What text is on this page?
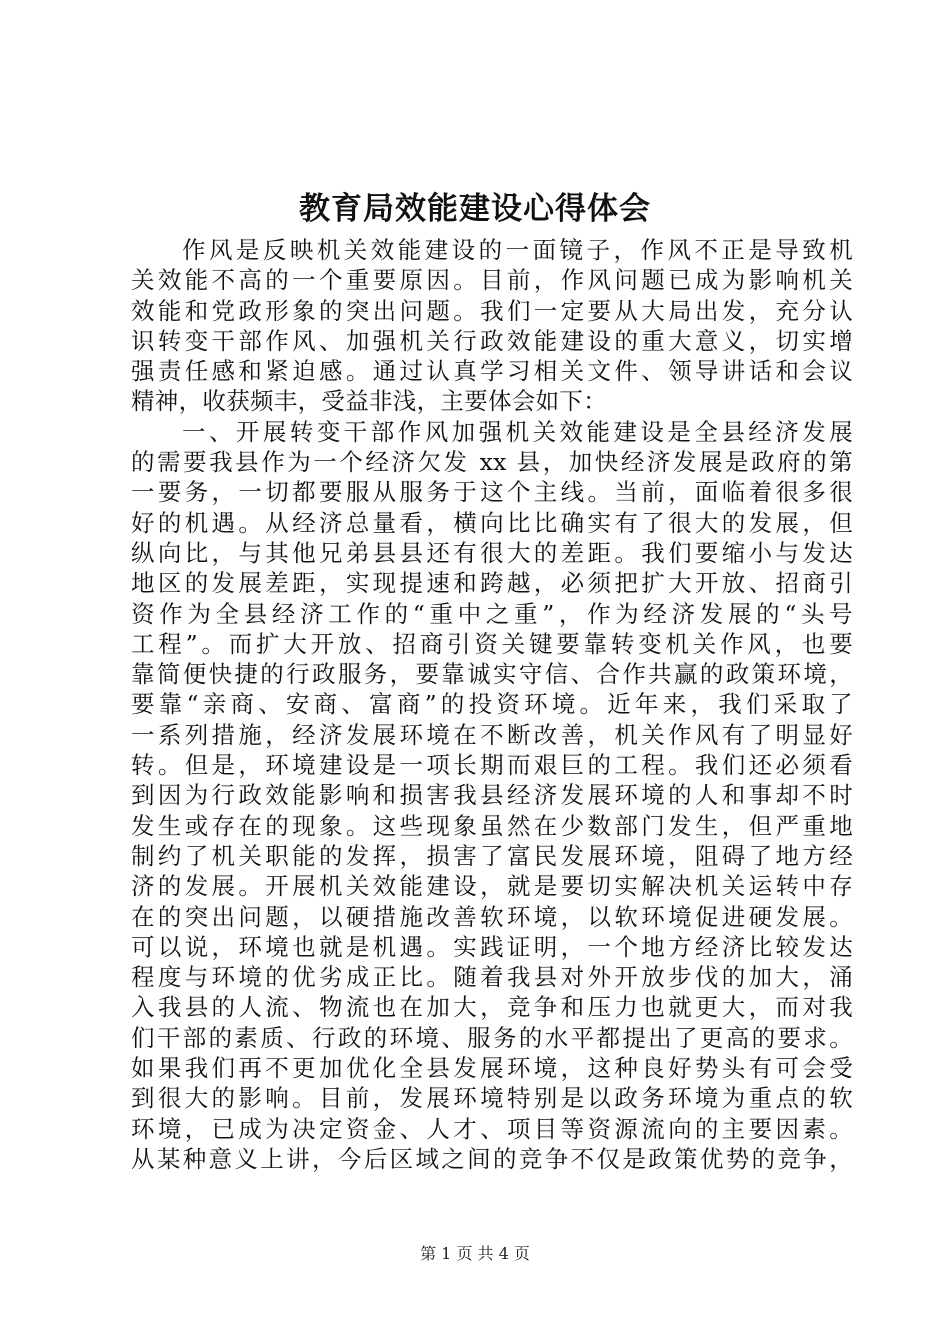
教育局效能建设心得体会
作风是反映机关效能建设的一面镜子，作风不正是导致机
关效能不高的一个重要原因。目前，作风问题已成为影响机关
效能和党政形象的突出问题。我们一定要从大局出发，充分认
识转变干部作风、加强机关行政效能建设的重大意义，切实增
强责任感和紧迫感。通过认真学习相关文件、领导讲话和会议
精神，收获频丰，受益非浅，主要体会如下：
一、开展转变干部作风加强机关效能建设是全县经济发展
的需要我县作为一个经济欠发 xx 县，加快经济发展是政府的第
一要务，一切都要服从服务于这个主线。当前，面临着很多很
好的机遇。从经济总量看，横向比比确实有了很大的发展，但
纵向比，与其他兄弟县县还有很大的差距。我们要缩小与发达
地区的发展差距，实现提速和跨越，必须把扩大开放、招商引
资作为全县经济工作的“重中之重”，作为经济发展的“头号
工程”。而扩大开放、招商引资关键要靠转变机关作风，也要
靠简便快捷的行政服务，要靠诚实守信、合作共赢的政策环境，
要靠“亲商、安商、富商”的投资环境。近年来，我们采取了
一系列措施，经济发展环境在不断改善，机关作风有了明显好
转。但是，环境建设是一项长期而艰巨的工程。我们还必须看
到因为行政效能影响和损害我县经济发展环境的人和事却不时
发生或存在的现象。这些现象虽然在少数部门发生，但严重地
制约了机关职能的发挥，损害了富民发展环境，阻碍了地方经
济的发展。开展机关效能建设，就是要切实解决机关运转中存
在的突出问题，以硬措施改善软环境，以软环境促进硬发展。
可以说，环境也就是机遇。实践证明，一个地方经济比较发达
程度与环境的优劣成正比。随着我县对外开放步伐的加大，涌
入我县的人流、物流也在加大，竞争和压力也就更大，而对我
们干部的素质、行政的环境、服务的水平都提出了更高的要求。
如果我们再不更加优化全县发展环境，这种良好势头有可会受
到很大的影响。目前，发展环境特别是以政务环境为重点的软
环境，已成为决定资金、人才、项目等资源流向的主要因素。
从某种意义上讲，今后区域之间的竞争不仅是政策优势的竞争，
第 1 页 共 4 页
